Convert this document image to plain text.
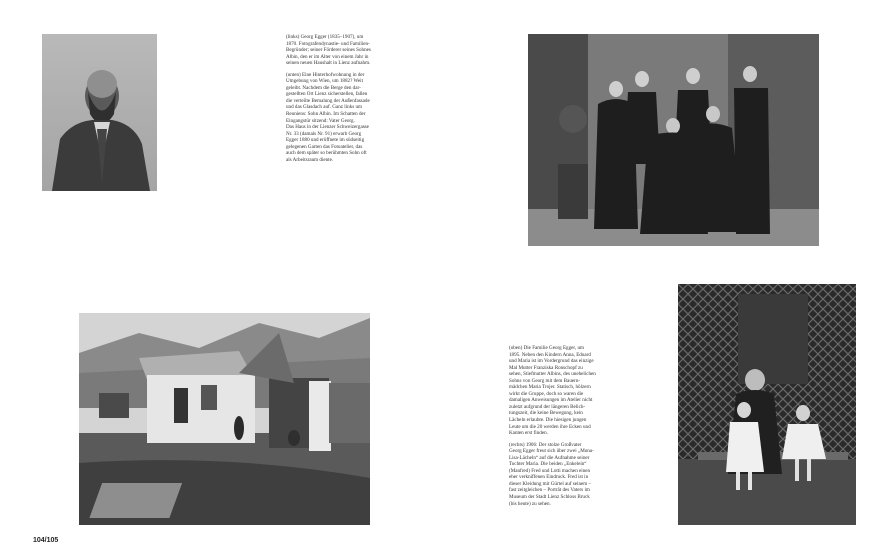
(links) Georg Egger (1835–1907), um
1870. Fotografendynastie- und Familien-
Begründer; seiner Förderer seines Sohnes
Albin, den er im Alter von einem Jahr in
seinen neuen Haushalt in Lienz aufnahm.

(unten) Eine Hinterhofwohnung in der
Umgebung von Wien, um 1882? Weit
geleibt. Nachdem die Berge den dar-
gestellten Ort Lienz sicherstellen, fallen
die verteilte Bemalung der Außenfassade
und das Glasdach auf. Ganz links um
Reuniens: Sohn Albin. Im Schatten der
Eingangstür sitzend: Vater Georg.
Das Haus in der Lienzer Schweizergasse
Nr. 33 (damals Nr. 91) erwarb Georg
Egger 1880 und eröffnete im südseitig
gelegenen Garten das Fotoatelier, das
auch dem später so berühmten Sohn oft
als Arbeitsraum diente.

(oben) Die Familie Georg Egger, um
1895. Neben den Kindern Anna, Eduard
und Maria ist im Vordergrund das einzige
Mal Mutter Franziska Ronschopf zu
sehen, Stiefmutter Albins, des unehelichen
Sohns von Georg mit dem Bauern-
mädchen Maria Trojer. Statisch, hölzern
wirkt die Gruppe, doch so waren die
damaligen Anweisungen im Atelier nicht
zuletzt aufgrund der längeren Belich-
tungszeit, die keine Bewegung, kein
Lächeln erlaubte. Die hiesigen jungen
Leute um die 20 werden ihre Ecken und
Kanten erst finden.

(rechts) 1906: Der stolze Großvater
Georg Egger freut sich über zwei „Mona-
Lisa-Lächeln“ auf die Aufnahme seiner
Tochter Maria. Die beiden „Enkelein“
(Manfred) Fred und Lotti machen einen
eher verkniffenen Eindruck. Fred ist in
dieser Kleidung mit Gürtel auf seinem –
fast zeitgleichen – Porträt des Vaters im
Museum der Stadt Lienz Schloss Bruck
(bis heute) zu sehen.

104/105
